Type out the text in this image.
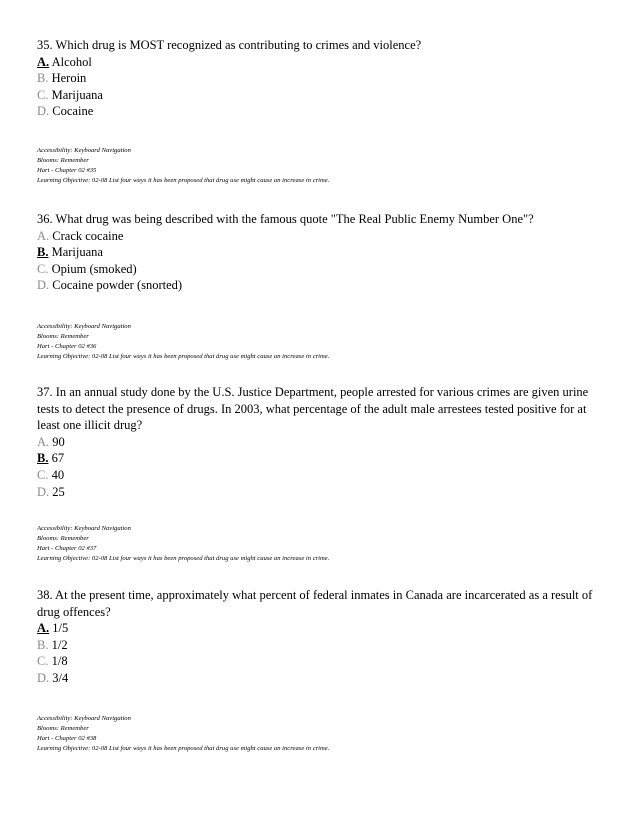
35. Which drug is MOST recognized as contributing to crimes and violence?

A. Alcohol
B. Heroin
C. Marijuana
D. Cocaine
Accessibility: Keyboard Navigation
Blooms: Remember
Hart - Chapter 02 #35
Learning Objective: 02-08 List four ways it has been proposed that drug use might cause an increase in crime.

36. What drug was being described with the famous quote "The Real Public Enemy Number One"?

A. Crack cocaine
B. Marijuana
C. Opium (smoked)
D. Cocaine powder (snorted)
Accessibility: Keyboard Navigation
Blooms: Remember
Hart - Chapter 02 #36
Learning Objective: 02-08 List four ways it has been proposed that drug use might cause an increase in crime.

37. In an annual study done by the U.S. Justice Department, people arrested for various crimes are given urine tests to detect the presence of drugs. In 2003, what percentage of the adult male arrestees tested positive for at least one illicit drug?

A. 90
B. 67
C. 40
D. 25
Accessibility: Keyboard Navigation
Blooms: Remember
Hart - Chapter 02 #37
Learning Objective: 02-08 List four ways it has been proposed that drug use might cause an increase in crime.

38. At the present time, approximately what percent of federal inmates in Canada are incarcerated as a result of drug offences?

A. 1/5
B. 1/2
C. 1/8
D. 3/4
Accessibility: Keyboard Navigation
Blooms: Remember
Hart - Chapter 02 #38
Learning Objective: 02-08 List four ways it has been proposed that drug use might cause an increase in crime.
